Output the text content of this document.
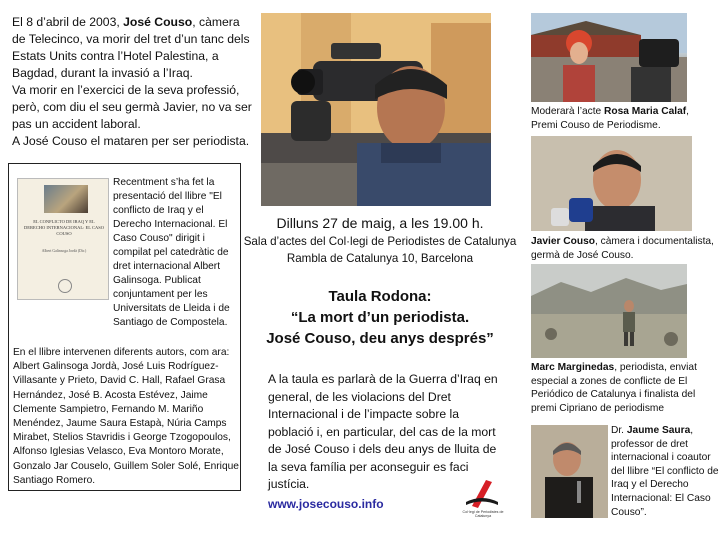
El 8 d’abril de 2003, José Couso, càmera de Telecinco, va morir del tret d’un tanc dels Estats Units contra l’Hotel Palestina, a Bagdad, durant la invasió a l’Iraq.

Va morir en l’exercici de la seva professió, però, com diu el seu germà Javier, no va ser pas un accident laboral.

A José Couso el mataren per ser periodista.

EL CONFLICTO DE IRAQ Y EL DERECHO INTERNACIONAL: EL CASO COUSO
Albert Galinsoga Jordà (Dir.)
Recentment s’ha fet la presentació del llibre "El conflicto de Iraq y el Derecho Internacional. El Caso Couso" dirigit i compilat pel catedràtic de dret internacional Albert Galinsoga. Publicat conjuntament per les Universitats de Lleida i de Santiago de Compostela.
En el llibre intervenen diferents autors, com ara: Albert Galinsoga Jordà, José Luis Rodríguez-Villasante y Prieto, David C. Hall, Rafael Grasa Hernández, José B. Acosta Estévez, Jaime Clemente Sampietro, Fernando M. Mariño Menéndez, Jaume Saura Estapà, Núria Camps Mirabet, Stelios Stavridis i George Tzogopoulos, Alfonso Iglesias Velasco, Eva Montoro Morate, Gonzalo Jar Couselo, Guillem Soler Solé, Enrique Santiago Romero.
Dilluns 27 de maig, a les 19.00 h.
Sala d’actes del Col·legi de Periodistes de Catalunya
Rambla de Catalunya 10, Barcelona
Taula Rodona:
“La mort d’un periodista.
José Couso, deu anys després”
A la taula es parlarà de la Guerra d’Iraq en general, de les violacions del Dret Internacional i de l’impacte sobre la població i, en particular, del cas de la mort de José Couso i dels deu anys de lluita de la seva família per aconseguir es faci justícia.
www.josecouso.info
Col·legi de Periodistes de Catalunya
Moderarà l’acte Rosa Maria Calaf, Premi Couso de Periodisme.
Javier Couso, càmera i documentalista, germà de José Couso.
Marc Marginedas, periodista, enviat especial a zones de conflicte de El Periódico de Catalunya i finalista del premi Cipriano de periodisme
Dr. Jaume Saura, professor de dret internacional i coautor del llibre “El conflicto de Iraq y el Derecho Internacional: El Caso Couso”.
